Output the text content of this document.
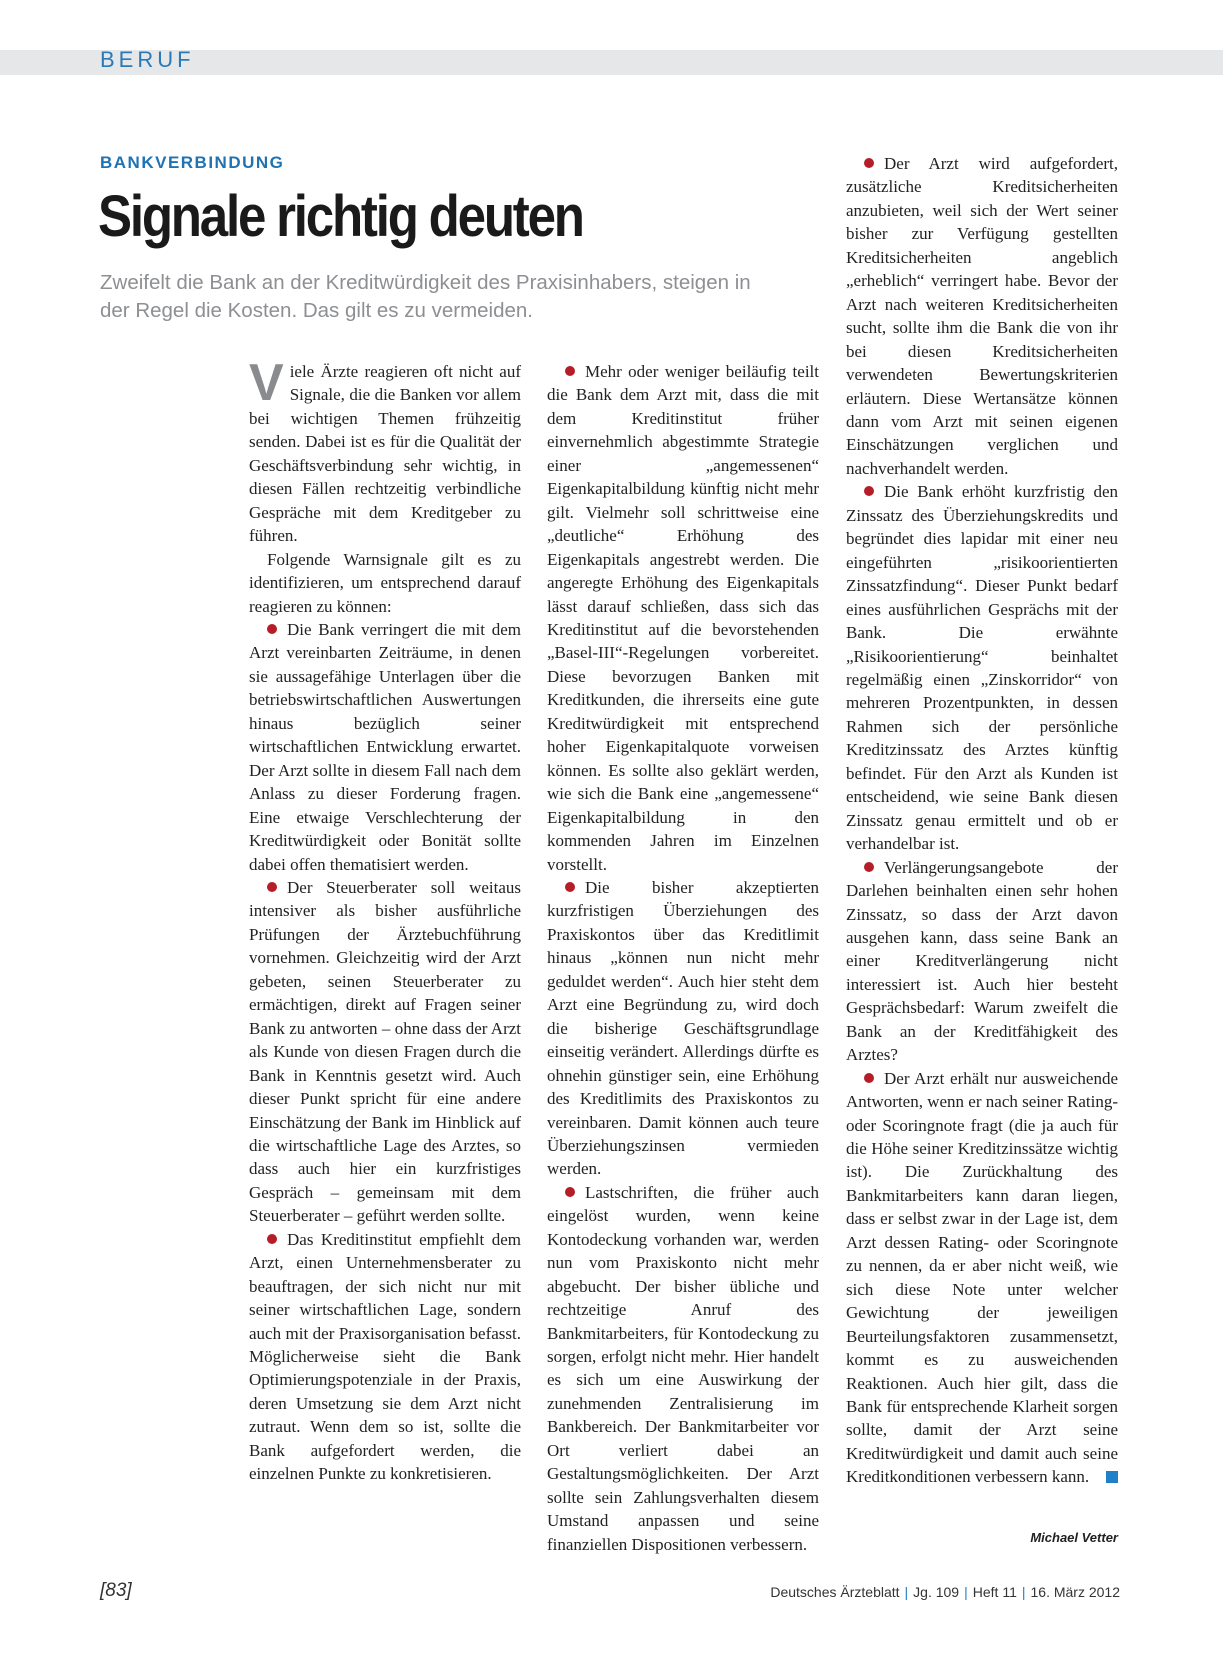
BERUF
BANKVERBINDUNG
Signale richtig deuten
Zweifelt die Bank an der Kreditwürdigkeit des Praxisinhabers, steigen in der Regel die Kosten. Das gilt es zu vermeiden.

Viele Ärzte reagieren oft nicht auf Signale, die die Banken vor allem bei wichtigen Themen frühzeitig senden. Dabei ist es für die Qualität der Geschäftsverbindung sehr wichtig, in diesen Fällen rechtzeitig verbindliche Gespräche mit dem Kreditgeber zu führen.

Folgende Warnsignale gilt es zu identifizieren, um entsprechend darauf reagieren zu können:

Die Bank verringert die mit dem Arzt vereinbarten Zeiträume, in denen sie aussagefähige Unterlagen über die betriebswirtschaftlichen Auswertungen hinaus bezüglich seiner wirtschaftlichen Entwicklung erwartet. Der Arzt sollte in diesem Fall nach dem Anlass zu dieser Forderung fragen. Eine etwaige Verschlechterung der Kreditwürdigkeit oder Bonität sollte dabei offen thematisiert werden.

Der Steuerberater soll weitaus intensiver als bisher ausführliche Prüfungen der Ärztebuchführung vornehmen. Gleichzeitig wird der Arzt gebeten, seinen Steuerberater zu ermächtigen, direkt auf Fragen seiner Bank zu antworten – ohne dass der Arzt als Kunde von diesen Fragen durch die Bank in Kenntnis gesetzt wird. Auch dieser Punkt spricht für eine andere Einschätzung der Bank im Hinblick auf die wirtschaftliche Lage des Arztes, so dass auch hier ein kurzfristiges Gespräch – gemeinsam mit dem Steuerberater – geführt werden sollte.

Das Kreditinstitut empfiehlt dem Arzt, einen Unternehmensberater zu beauftragen, der sich nicht nur mit seiner wirtschaftlichen Lage, sondern auch mit der Praxisorganisation befasst. Möglicherweise sieht die Bank Optimierungspotenziale in der Praxis, deren Umsetzung sie dem Arzt nicht zutraut. Wenn dem so ist, sollte die Bank aufgefordert werden, die einzelnen Punkte zu konkretisieren.

Mehr oder weniger beiläufig teilt die Bank dem Arzt mit, dass die mit dem Kreditinstitut früher einvernehmlich abgestimmte Strategie einer „angemessenen“ Eigenkapitalbildung künftig nicht mehr gilt. Vielmehr soll schrittweise eine „deutliche“ Erhöhung des Eigenkapitals angestrebt werden. Die angeregte Erhöhung des Eigenkapitals lässt darauf schließen, dass sich das Kreditinstitut auf die bevorstehenden „Basel-III“-Regelungen vorbereitet. Diese bevorzugen Banken mit Kreditkunden, die ihrerseits eine gute Kreditwürdigkeit mit entsprechend hoher Eigenkapitalquote vorweisen können. Es sollte also geklärt werden, wie sich die Bank eine „angemessene“ Eigenkapitalbildung in den kommenden Jahren im Einzelnen vorstellt.

Die bisher akzeptierten kurzfristigen Überziehungen des Praxiskontos über das Kreditlimit hinaus „können nun nicht mehr geduldet werden“. Auch hier steht dem Arzt eine Begründung zu, wird doch die bisherige Geschäftsgrundlage einseitig verändert. Allerdings dürfte es ohnehin günstiger sein, eine Erhöhung des Kreditlimits des Praxiskontos zu vereinbaren. Damit können auch teure Überziehungszinsen vermieden werden.

Lastschriften, die früher auch eingelöst wurden, wenn keine Kontodeckung vorhanden war, werden nun vom Praxiskonto nicht mehr abgebucht. Der bisher übliche und rechtzeitige Anruf des Bankmitarbeiters, für Kontodeckung zu sorgen, erfolgt nicht mehr. Hier handelt es sich um eine Auswirkung der zunehmenden Zentralisierung im Bankbereich. Der Bankmitarbeiter vor Ort verliert dabei an Gestaltungsmöglichkeiten. Der Arzt sollte sein Zahlungsverhalten diesem Umstand anpassen und seine finanziellen Dispositionen verbessern.

Der Arzt wird aufgefordert, zusätzliche Kreditsicherheiten anzubieten, weil sich der Wert seiner bisher zur Verfügung gestellten Kreditsicherheiten angeblich „erheblich“ verringert habe. Bevor der Arzt nach weiteren Kreditsicherheiten sucht, sollte ihm die Bank die von ihr bei diesen Kreditsicherheiten verwendeten Bewertungskriterien erläutern. Diese Wertansätze können dann vom Arzt mit seinen eigenen Einschätzungen verglichen und nachverhandelt werden.

Die Bank erhöht kurzfristig den Zinssatz des Überziehungskredits und begründet dies lapidar mit einer neu eingeführten „risikoorientierten Zinssatzfindung“. Dieser Punkt bedarf eines ausführlichen Gesprächs mit der Bank. Die erwähnte „Risikoorientierung“ beinhaltet regelmäßig einen „Zinskorridor“ von mehreren Prozentpunkten, in dessen Rahmen sich der persönliche Kreditzinssatz des Arztes künftig befindet. Für den Arzt als Kunden ist entscheidend, wie seine Bank diesen Zinssatz genau ermittelt und ob er verhandelbar ist.

Verlängerungsangebote der Darlehen beinhalten einen sehr hohen Zinssatz, so dass der Arzt davon ausgehen kann, dass seine Bank an einer Kreditverlängerung nicht interessiert ist. Auch hier besteht Gesprächsbedarf: Warum zweifelt die Bank an der Kreditfähigkeit des Arztes?

Der Arzt erhält nur ausweichende Antworten, wenn er nach seiner Rating- oder Scoringnote fragt (die ja auch für die Höhe seiner Kreditzinssätze wichtig ist). Die Zurückhaltung des Bankmitarbeiters kann daran liegen, dass er selbst zwar in der Lage ist, dem Arzt dessen Rating- oder Scoringnote zu nennen, da er aber nicht weiß, wie sich diese Note unter welcher Gewichtung der jeweiligen Beurteilungsfaktoren zusammensetzt, kommt es zu ausweichenden Reaktionen. Auch hier gilt, dass die Bank für entsprechende Klarheit sorgen sollte, damit der Arzt seine Kreditwürdigkeit und damit auch seine Kreditkonditionen verbessern kann.

Michael Vetter
[83]	Deutsches Ärzteblatt | Jg. 109 | Heft 11 | 16. März 2012
